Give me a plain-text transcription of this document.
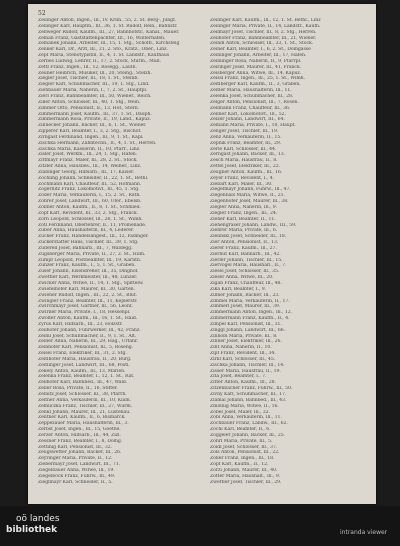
52

Zeilinger Anton, Ingen., Ill., IV. Krim., 55, 2. St. Berg-, Jungf.

Zellinger Karl, Hauptm., Ill., 36, 1. St. Rudolf, Rein., Bahnstr.

Zellweger Rudolf, Kaufm., IIl., 27, Bahnhofstr., Kanal., Mauer.

Zeman Franz, Gaststättenpächter, III., 16, Winterhafen.

Zemanek Johann, Arbeiter, Ill., 15, 1. Stg., Schöffl., Kirchsteig

Zenker Karl, Dr., Arzt, Ill., 21, 2. Sto., Kratz., Ober., Linz.

Zepf Maria, Stenotypistin, II., 4, 1. St. Landstr., Kaufhaus

Zerbes Ludwig, Lehrer, II., 17, 2. Stock, Sturm., Müll.

Zettl Franz, Ingen., Ill., 12, Rosegg., Lauth.

Zeuner Heinrich, Musiker, Ill., 20, Steing., Stelzh.

Ziegler Josef, Tischler, Ill., 18, 1. St., Steinb.

Ziegler Karl, Schuhmacher, III., 19, 1. Stg., Lind.

Ziehbauer Maria, Näherin, I., 7, 2. St., Hauptpl.

Zierl Franz, Bahnbeamter, Ill., 50, Wiener., Reich.

Ziller Anton, Schlosser, Ill., 40, 1. Stg., Wein.

Zimmer Otto, Pensionist, II., 13, Hof., Stern.

Zimmermann Josef, Kaufm., Ill., 37, 1. St., Dauph.

Zimmermann Rosa, Private, II., 19, Land., Kapuz.

Zinnecker Johann, Bäcker, Ill., 6, 1. St., Wiener.

Zipperer Karl, Beamter, I., 3, 2. Stg., Bischof.

Zirngast Ferdinand, Ingen., Ill., 9, 1. St., Kapl.

Zischka Hermann, Zahntechn., II., 4, 1. St., Herren.

Zischka Maria, Kassierin, II., 10, Pfarr., Linz.

Zisler Josef, Werkm., Ill., 24, 1. Stg., Hafen.

Zittmayr Franz, Maler, Ill., 28, 2. St., Stock.

Zitzler Anna, Hausbes., Ill., 14, Weiher., Linz.

Zlabinger Georg, Hilfsarb., Ill., 17, Kaiser.

Zöchling Johann, Schneider, II., 22, 1. St., Bethl.

Zöchmann Karl, Chauffeur, Ill., 52, Hofmann.

Zögernitz Franz, Lokomotivf., Ill., 45, 1. Stg.

Zoder Maria, Verkäuferin, I., 15, 2. St., Rath.

Zöhrer Josef, Landwirt, III., 60, Ufer., Ebelsb.

Zöllner Anton, Kaufm., II., 8, 1. St., Schmied.

Zopf Karl, Revident, Ill., 33, 2. Stg., Franck.

Zorn Leopold, Schlosser, Ill., 26, 1. St., Wimh.

Zötl Ferdinand, Oberlehrer, II., 11, Promenade.

Zuber Anna, Haushälterin, Ill., 4, Lederer.

Zucker Franz, Handelsangest., Ill., 12, Fadinger.

Zuckerstätter Hans, Tischler, Ill., 39, 1. Stg.

Zuderell Josef, Bahnarb., III., 7, Waldegg.

Zugsberger Maria, Private, II., 27, 2. St., Hum.

Zumpf Leopold, Postbeamter, Ill., 19, Kärntn.

Zunzer Franz, Kaufm., I., 5, 1. St., Graben.

Zuser Johann, Eisendreher, Ill., 35, Dinghof.

Zwettler Karl, Werkmeister, Ill., 48, Lunzer.

Zwicker Anna, Witwe, II., 14, 1. Stg., Spittelw.

Zwiefelhofer Karl, Maurer, Ill., 30, Garten.

Zwiener Rudolf, Ingen., III., 22, 2. St., Blüt.

Zwingler Franz, Beamter, Ill., 11, Keplerstr.

Zwirchmayr Josef, Gärtner, Ill., 56, Leonf.

Zwirner Maria, Private, I., 18, Hessenpl.

Zwölfer Anton, Kaufm., Ill., 16, 1. St., Haid.

Zyrus Karl, Hilfsarb., Ill., 23, Holzstr.

Zeilhofer Johann, Fuhrwerker, Ill., 42, Franz.

Zeiml Josef, Schuhmacher, II., 9, 1. St., Alt.

Zeiner Anna, Näherin, Ill., 29, Hag., Urfahr.

Zeinhofer Karl, Pensionist, Ill., 5, Roseng.

Zeisel Franz, Elektriker, Ill., 31, 2. Stg.

Zeitlhofer Maria, Hausfrau, II., 20, Bürg.

Zeitlinger Josef, Landwirt, III., 68, Pöstl.

Zekely Anton, Kaufm., Ill., 13, Marien.

Zelenka Franz, Beamter, I., 12, 1. St., Rat.

Zellhofer Karl, Bahnbed., Ill., 47, Wald.

Zeller Rosa, Private, II., 16, Stifter.

Zelnitz Josef, Schlosser, Ill., 38, Pfarrh.

Zeltner Anna, Verkäuferin, Ill., 10, Klam.

Zemliczka Franz, Tischler, Ill., 27, Wurm.

Zenkl Johann, Maurer, Ill., 21, Lustenau.

Zentner Karl, Kaufm., II., 6, Bismarck.

Zeppezauer Maria, Haushälterin, Ill., 3.

Zerbst Josef, Ingen., Ill., 15, Goethe.

Zerzer Anton, Hilfsarb., Ill., 44, Zizl.

Zessner Franz, Beamter, I., 8, Domg.

Zettinig Karl, Pensionist, Ill., 32.

Zeugswetter Johann, Bäcker, Ill., 26.

Zeyringer Maria, Private, II., 12.

Ziebermayr Josef, Landwirt, III., 71.

Ziegelbauer Anna, Witwe, Ill., 19.

Ziegelböck Franz, Fuhrw., Ill., 49.

Zieglmayr Karl, Schneider, II., 5.

Zeilinger Karl, Kaufm., Ill., 12, 1. St. Bethl., Linz

Zeilinger Maria, Private, II., 14, Landstr., Kaufh.

Zeilmayr Josef, Tischler, Ill., 8, 2. Stg., Herren.

Zeilhofer Franz, Bahnbeamter, Ill., 21, Wiener.

Zeindl Anton, Schlosser, Ill., 33, 1. St., Stock.

Zeiner Karl, Beamter, I., 6, 2. St., Domgasse

Zeininger Johann, Arbeiter, Ill., 17, Hafen.

Zeinlinger Rosa, Näherin, II., 9, Pfarrpl.

Zeiringer Josef, Maurer, Ill., 41, Franck.

Zeisberger Anna, Witwe, Ill., 14, Kapuz.

Zeissl Franz, Ingen., Ill., 25, 1. St., Wimh.

Zeitlberger Karl, Kaufm., II., 3, Graben.

Zeitler Maria, Haushälterin, Ill., 11.

Zelenka Josef, Schuhmacher, Ill., 28.

Zelger Anton, Pensionist, Ill., 7, Rosen.

Zellmann Franz, Chauffeur, Ill., 36.

Zellner Karl, Lokomotivf., Ill., 52.

Zelzer Johann, Landwirt, III., 64.

Zemann Maria, Private, I., 10, Haupt.

Zenger Josef, Tischler, Ill., 19.

Zenz Anna, Verkäuferin, II., 15.

Zepnik Franz, Beamter, Ill., 29.

Zerle Karl, Schlosser, Ill., 44.

Zerngast Johann, Bäcker, Ill., 13.

Zesch Maria, Hausfrau, II., 8.

Zettel Josef, Elektriker, Ill., 22.

Zeugner Anton, Kaufm., Ill., 16.

Zeyer Franz, Revident, I., 4.

Ziebart Karl, Maler, Ill., 30.

Ziegelmayr Johann, Fuhrw., Ill., 47.

Ziegenhals Maria, Witwe, II., 21.

Ziegenhofer Josef, Maurer, Ill., 38.

Ziegler Anna, Näherin, Ill., 9.

Ziegler Franz, Ingen., Ill., 24.

Zieher Karl, Beamter, II., 11.

Ziehengraser Johann, Landw., III., 59.

Ziehrer Maria, Private, Ill., 6.

Zielinski Josef, Schneider, Ill., 18.

Zier Anton, Pensionist, II., 13.

Zierer Franz, Kaufm., Ill., 27.

Zierhut Karl, Bahnarb., Ill., 42.

Zierler Johann, Tischler, Ill., 15.

Ziervogel Maria, Haushält., II., 7.

Ziesel Josef, Schlosser, Ill., 35.

Zieser Anna, Witwe, Ill., 20.

Zigan Franz, Chauffeur, Ill., 48.

Zika Karl, Beamter, I., 9.

Zillner Johann, Bäcker, Ill., 23.

Zimmel Maria, Verkäuferin, II., 17.

Zimmerl Josef, Maurer, Ill., 39.

Zimmermann Anton, Ingen., Ill., 12.

Zimmermann Franz, Kaufm., II., 4.

Zimpel Karl, Pensionist, Ill., 31.

Zinggl Johann, Landwirt, III., 66.

Zinhobl Maria, Private, Ill., 8.

Zinner Josef, Elektriker, Ill., 26.

Zint Anna, Näherin, II., 10.

Zipf Franz, Revident, Ill., 34.

Zirkl Karl, Schlosser, Ill., 45.

Zischka Johann, Tischler, Ill., 14.

Zisser Maria, Hausfrau, II., 19.

Zita Josef, Beamter, I., 7.

Zitter Anton, Kaufm., Ill., 28.

Zitzenbacher Franz, Fuhrw., Ill., 50.

Zivny Karl, Schuhmacher, Ill., 17.

Zlamal Johann, Bahnbed., Ill., 43.

Zmölnig Maria, Witwe, II., 16.

Zobel Josef, Maler, Ill., 32.

Zöbl Anna, Verkäuferin, Ill., 11.

Zöchbauer Franz, Landw., III., 62.

Zöchl Karl, Beamter, II., 6.

Zöggeler Johann, Bäcker, Ill., 25.

Zöhrl Maria, Private, Ill., 5.

Zoidl Josef, Schlosser, Ill., 37.

Zöls Anton, Pensionist, Ill., 22.

Zoller Franz, Ingen., Ill., 18.

Zopf Karl, Kaufm., II., 12.

Zorzi Johann, Maurer, Ill., 40.

Zotter Maria, Haushält., Ill., 9.

Zwettler Josef, Tischler, Ill., 29.

oö landes
bibliothek	intranda viewer
